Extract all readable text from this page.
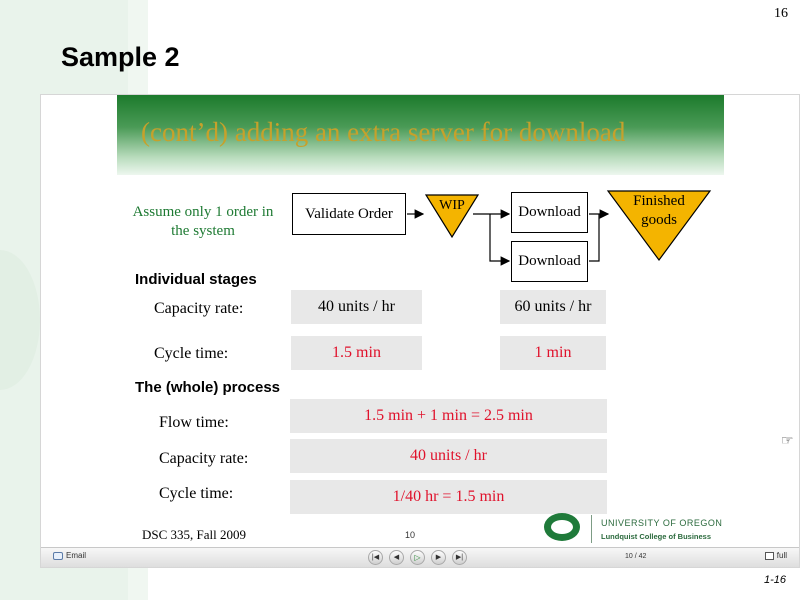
16
Sample 2
(cont’d) adding an extra server for download
Assume only 1 order in the system
Validate Order	WIP	Download
Download
Finished goods
Individual stages
Capacity rate:	40 units / hr	60 units / hr
Cycle time:	1.5 min	1 min
The (whole) process
Flow time:	1.5 min + 1 min = 2.5 min
Capacity rate:	40 units / hr
Cycle time:	1/40 hr = 1.5 min
DSC 335, Fall 2009	10
UNIVERSITY OF OREGON
Lundquist College of Business
☞
Email	|◀	◀	▷	▶	▶|	10 / 42	full
1-16
